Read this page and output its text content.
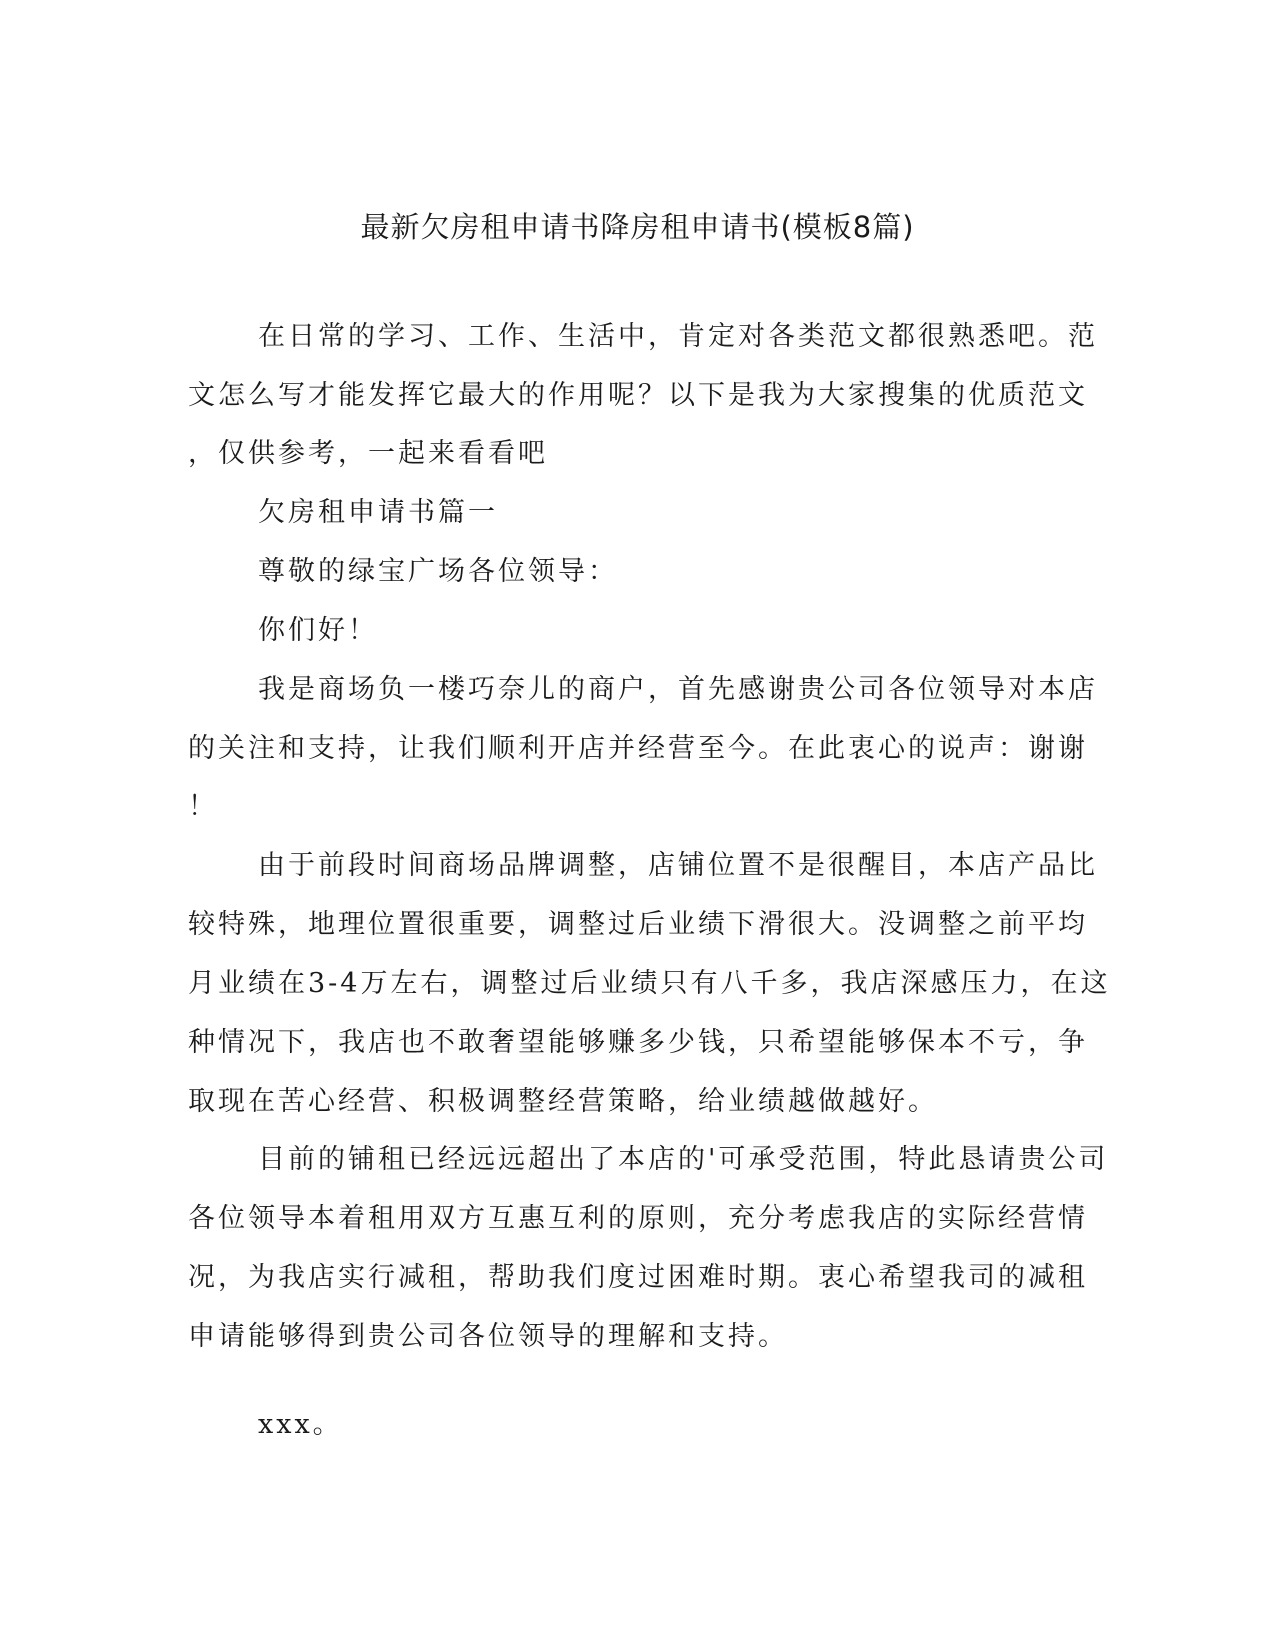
最新欠房租申请书降房租申请书(模板8篇)

在日常的学习、工作、生活中，肯定对各类范文都很熟悉吧。范

文怎么写才能发挥它最大的作用呢？以下是我为大家搜集的优质范文

，仅供参考，一起来看看吧

欠房租申请书篇一

尊敬的绿宝广场各位领导：

你们好！

我是商场负一楼巧奈儿的商户，首先感谢贵公司各位领导对本店

的关注和支持，让我们顺利开店并经营至今。在此衷心的说声：谢谢

！

由于前段时间商场品牌调整，店铺位置不是很醒目，本店产品比

较特殊，地理位置很重要，调整过后业绩下滑很大。没调整之前平均

月业绩在3-4万左右，调整过后业绩只有八千多，我店深感压力，在这

种情况下，我店也不敢奢望能够赚多少钱，只希望能够保本不亏，争

取现在苦心经营、积极调整经营策略，给业绩越做越好。

目前的铺租已经远远超出了本店的'可承受范围，特此恳请贵公司

各位领导本着租用双方互惠互利的原则，充分考虑我店的实际经营情

况，为我店实行减租，帮助我们度过困难时期。衷心希望我司的减租

申请能够得到贵公司各位领导的理解和支持。

xxx。
